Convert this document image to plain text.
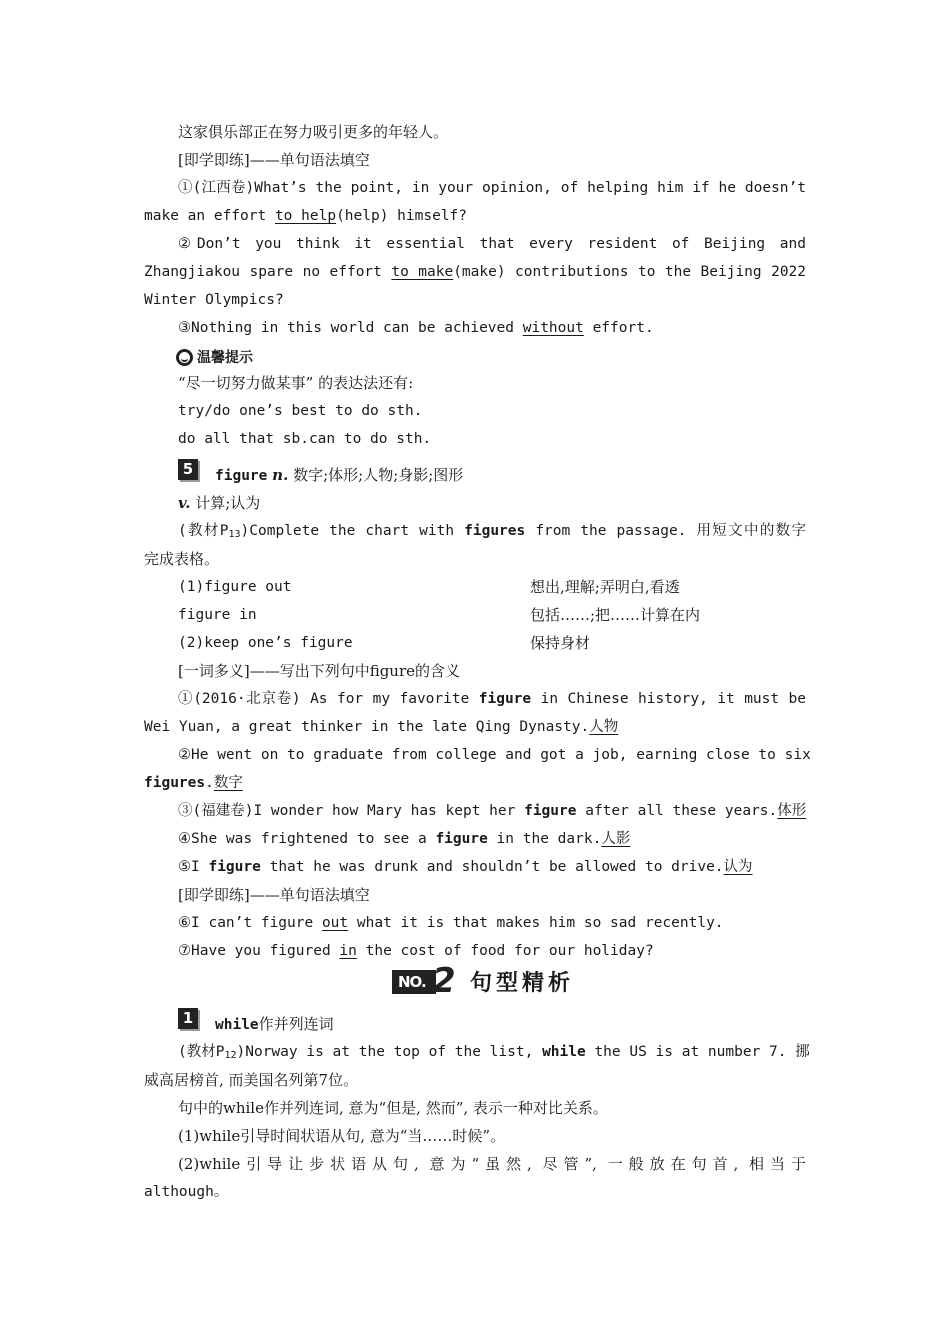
这家俱乐部正在努力吸引更多的年轻人。
[即学即练]——单句语法填空
①(江西卷)What’s the point, in your opinion, of helping him if he doesn’t
make an effort to help(help) himself?
②Don’t you think it essential that every resident of Beijing and
Zhangjiakou spare no effort to make(make) contributions to the Beijing 2022
Winter Olympics?
③Nothing in this world can be achieved without effort.
温馨提示
“尽一切努力做某事” 的表达法还有:
try/do one’s best to do sth.
do all that sb.can to do sth.
5	figure n. 数字;体形;人物;身影;图形
v. 计算;认为
(教材$P_{13})Complete$ the chart with figures from the passage. 用短文中的数字
完成表格。
(1)figure out	想出,理解;弄明白,看透
figure in	包括……;把……计算在内
(2)keep one’s figure	保持身材
[一词多义]——写出下列句中figure的含义
①(2016·北京卷) As for my favorite figure in Chinese history, it must be
Wei Yuan, a great thinker in the late Qing Dynasty.人物
②He went on to graduate from college and got a job, earning close to six
figures.数字
③(福建卷)I wonder how Mary has kept her figure after all these years.体形
④She was frightened to see a figure in the dark.人影
⑤I figure that he was drunk and shouldn’t be allowed to drive.认为
[即学即练]——单句语法填空
⑥I can’t figure out what it is that makes him so sad recently.
⑦Have you figured in the cost of food for our holiday?
NO. 2 句型精析
1	while作并列连词
(教材$P_{12})Norway$ is at the top of the list, while the US is at number 7. 挪
威高居榜首, 而美国名列第7位。
句中的while作并列连词, 意为“但是, 然而”, 表示一种对比关系。
(1)while引导时间状语从句, 意为“当……时候”。
(2)while引导让步状语从句, 意为“虽然, 尽管”, 一般放在句首, 相当于
although。
